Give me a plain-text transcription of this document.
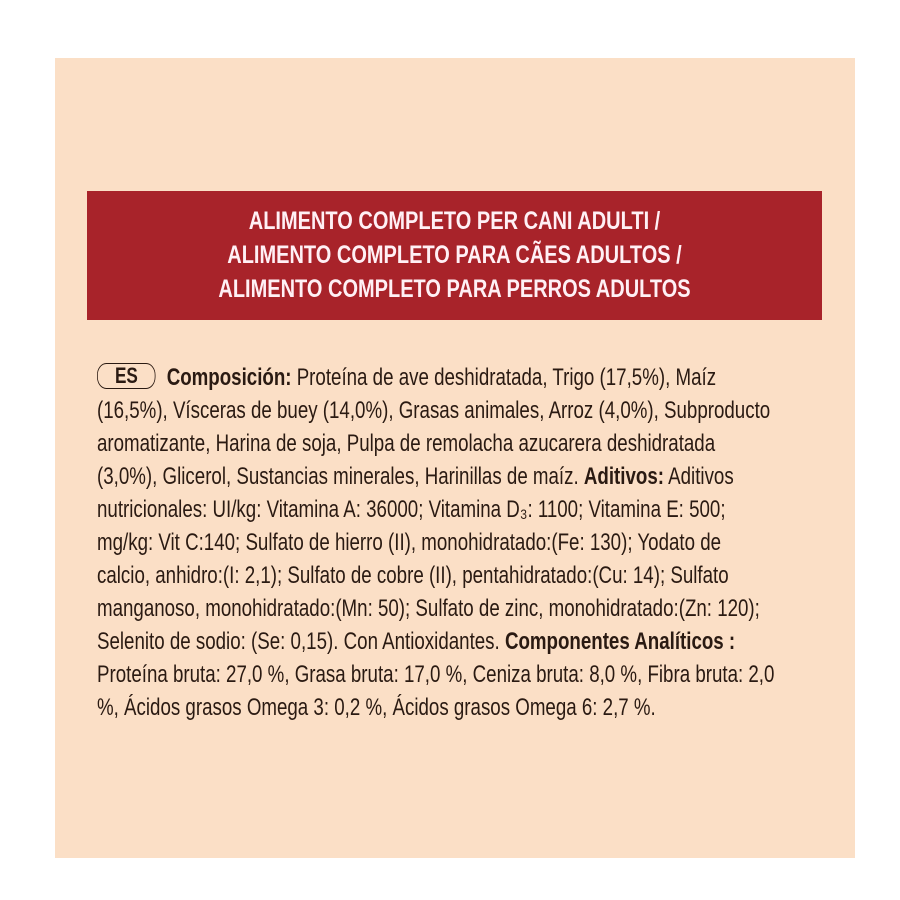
ALIMENTO COMPLETO PER CANI ADULTI /
ALIMENTO COMPLETO PARA CÃES ADULTOS /
ALIMENTO COMPLETO PARA PERROS ADULTOS
ES Composición: Proteína de ave deshidratada, Trigo (17,5%), Maíz
(16,5%), Vísceras de buey (14,0%), Grasas animales, Arroz (4,0%), Subproducto
aromatizante, Harina de soja, Pulpa de remolacha azucarera deshidratada
(3,0%), Glicerol, Sustancias minerales, Harinillas de maíz. Aditivos: Aditivos
nutricionales: UI/kg: Vitamina A: 36000; Vitamina D₃: 1100; Vitamina E: 500;
mg/kg: Vit C:140; Sulfato de hierro (II), monohidratado:(Fe: 130); Yodato de
calcio, anhidro:(I: 2,1); Sulfato de cobre (II), pentahidratado:(Cu: 14); Sulfato
manganoso, monohidratado:(Mn: 50); Sulfato de zinc, monohidratado:(Zn: 120);
Selenito de sodio: (Se: 0,15). Con Antioxidantes. Componentes Analíticos :
Proteína bruta: 27,0 %, Grasa bruta: 17,0 %, Ceniza bruta: 8,0 %, Fibra bruta: 2,0
%, Ácidos grasos Omega 3: 0,2 %, Ácidos grasos Omega 6: 2,7 %.
